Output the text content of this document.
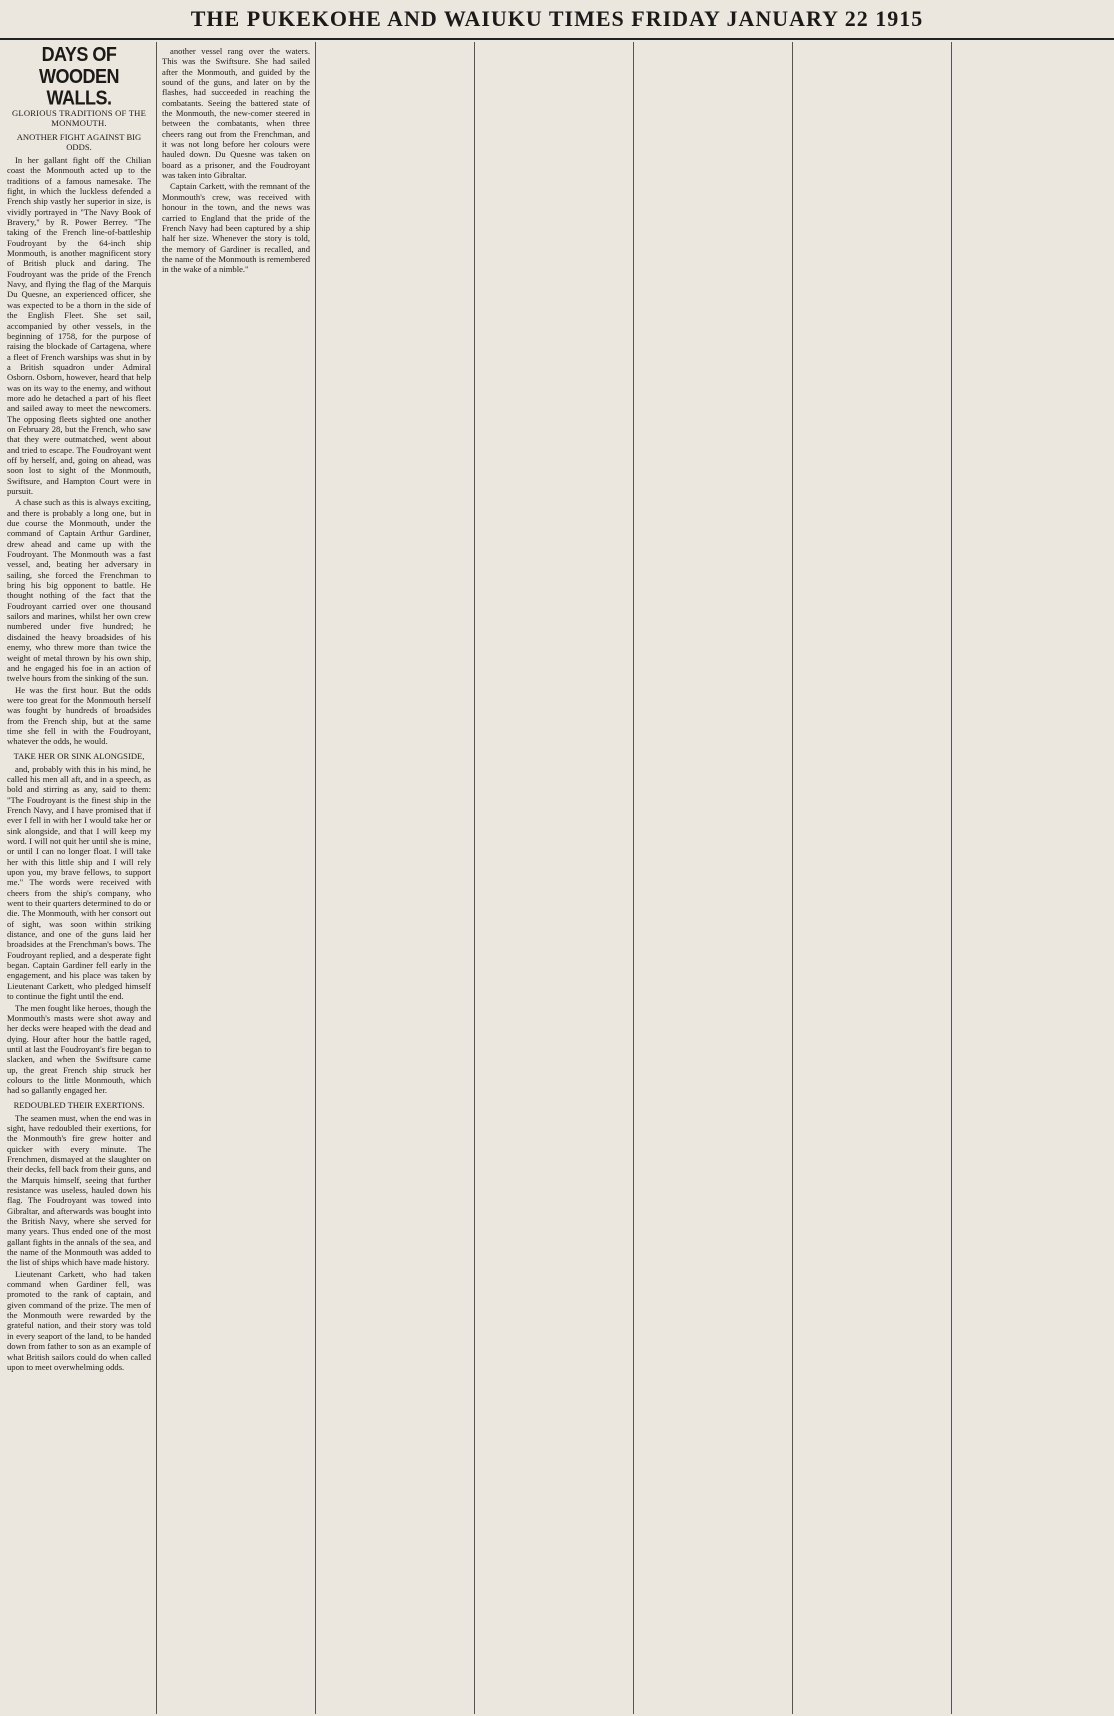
THE PUKEKOHE AND WAIUKU TIMES FRIDAY JANUARY 22 1915
DAYS OF WOODEN WALLS.
GLORIOUS TRADITIONS OF THE MONMOUTH.
ANOTHER FIGHT AGAINST BIG ODDS.
In her gallant fight off the Chilian coast the Monmouth acted up to the traditions of a famous namesake. The fight, in which the luckless defended a French ship vastly her superior in size, is vividly portrayed in "The Navy Book of Bravery," by R. Power Berrey. "The taking of the French line-of-battleship Foudroyant by the 64-inch ship Monmouth, is another magnificent story of British pluck and daring. The Foudroyant was the pride of the French Navy, and flying the flag of the Marquis Du Quesne, an experienced officer, she was expected to be a thorn in the side of the English Fleet. She set sail, accompanied by other vessels, in the beginning of 1758, for the purpose of raising the blockade of Cartagena, where a fleet of French warships was shut in by a British squadron under Admiral Osborn. Osborn, however, heard that help was on its way to the enemy, and without more ado he detached a part of his fleet and sailed away to meet the newcomers. The opposing fleets sighted one another on February 28, but the French, who saw that they were outmatched, went about and tried to escape. The Foudroyant went off by herself, and, going on ahead, was soon lost to sight of the Monmouth, Swiftsure, and Hampton Court were in pursuit.
A chase such as this is always exciting, and there is probably a long one, but in due course the Monmouth, under the command of Captain Arthur Gardiner, drew ahead and came up with the Foudroyant. The Monmouth was a fast vessel, and, beating her adversary in sailing, she forced the Frenchman to bring his big opponent to battle. He thought nothing of the fact that the Foudroyant carried over one thousand sailors and marines, whilst her own crew numbered under five hundred; he disdained the heavy broadsides of his enemy, who threw more than twice the weight of metal thrown by his own ship, and he engaged his foe in an action of twelve hours from the sinking of the sun.
He was the first hour. But the odds were too great for the Monmouth herself was fought by hundreds of broadsides from the French ship, but at the same time she fell in with the Foudroyant, whatever the odds, he would.
TAKE HER OR SINK ALONGSIDE,
and, probably with this in his mind, he called his men all aft, and in a speech, as bold and stirring as any, said to them: "The Foudroyant is the finest ship in the French Navy, and I have promised that if ever I fell in with her I would take her or sink alongside, and that I will keep my word. I will not quit her until she is mine, or until I can no longer float. I will take her with this little ship and I will rely upon you, my brave fellows, to support me." The words were received with cheers from the ship's company, who went to their quarters determined to do or die. The Monmouth, with her consort out of sight, was soon within striking distance, and one of the guns laid her broadsides at the Frenchman's bows. The Foudroyant replied, and a desperate fight began. Captain Gardiner fell early in the engagement, and his place was taken by Lieutenant Carkett, who pledged himself to continue the fight until the end.
The men fought like heroes, though the Monmouth's masts were shot away and her decks were heaped with the dead and dying. Hour after hour the battle raged, until at last the Foudroyant's fire began to slacken, and when the Swiftsure came up, the great French ship struck her colours to the little Monmouth, which had so gallantly engaged her.
REDOUBLED THEIR EXERTIONS.
The seamen must, when the end was in sight, have redoubled their exertions, for the Monmouth's fire grew hotter and quicker with every minute. The Frenchmen, dismayed at the slaughter on their decks, fell back from their guns, and the Marquis himself, seeing that further resistance was useless, hauled down his flag. The Foudroyant was towed into Gibraltar, and afterwards was bought into the British Navy, where she served for many years. Thus ended one of the most gallant fights in the annals of the sea, and the name of the Monmouth was added to the list of ships which have made history.
Lieutenant Carkett, who had taken command when Gardiner fell, was promoted to the rank of captain, and given command of the prize. The men of the Monmouth were rewarded by the grateful nation, and their story was told in every seaport of the land, to be handed down from father to son as an example of what British sailors could do when called upon to meet overwhelming odds.
another vessel rang over the waters. This was the Swiftsure. She had sailed after the Monmouth, and guided by the sound of the guns, and later on by the flashes, had succeeded in reaching the combatants. Seeing the battered state of the Monmouth, the new-comer steered in between the combatants, when three cheers rang out from the Frenchman, and it was not long before her colours were hauled down. Du Quesne was taken on board as a prisoner, and the Foudroyant was taken into Gibraltar.
Captain Carkett, with the remnant of the Monmouth's crew, was received with honour in the town, and the news was carried to England that the pride of the French Navy had been captured by a ship half her size. Whenever the story is told, the memory of Gardiner is recalled, and the name of the Monmouth is remembered in the wake of a nimble."
